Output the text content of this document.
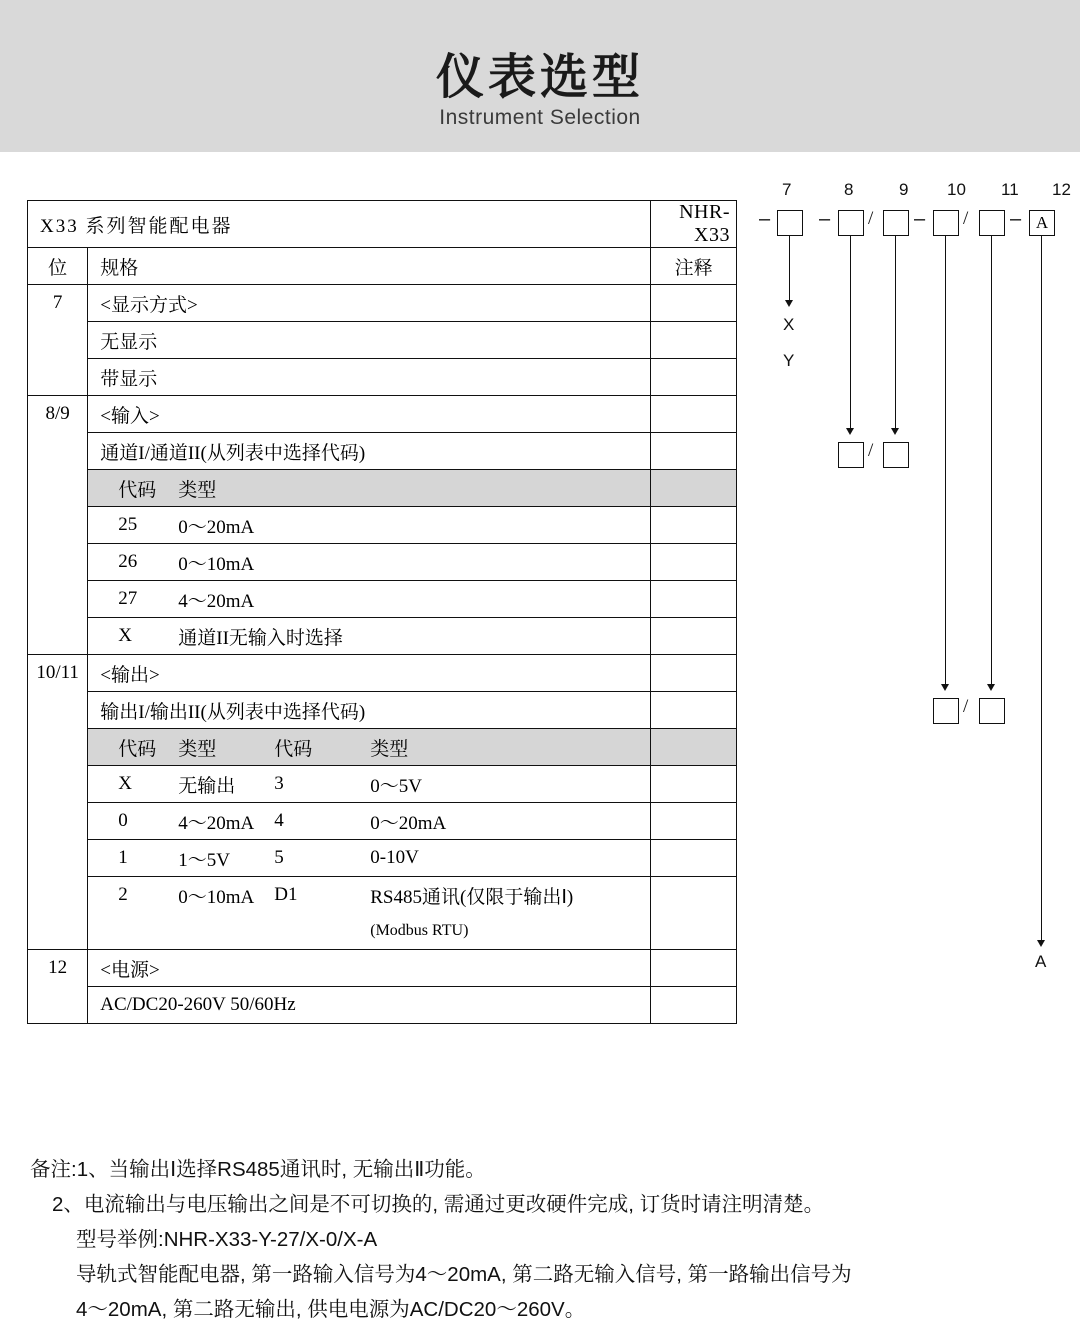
仪表选型
Instrument Selection
X33 系列智能配电器		NHR-X33
位	规格	注释
7	<显示方式>	
	无显示	
	带显示	
8/9	<输入>	
	通道I/通道II(从列表中选择代码)	

	代码 类型	

	25 0～20mA	

	26 0～10mA	

	27 4～20mA	

	X 通道II无输入时选择	

10/11	<输出>	
	输出I/输出II(从列表中选择代码)	

	代码 类型 代码 类型	

	X 无输出 3 0～5V	

	0 4～20mA 4 0～20mA	

	1 1～5V 5 0-10V	

	2 0～10mA D1 RS485通讯(仅限于输出Ⅰ)	

	(Modbus RTU)	

12	<电源>	
	AC/DC20-260V 50/60Hz	
7	8	9 10 11 12
– – / – / – A
X
Y
/
/
A
备注:1、当输出Ⅰ选择RS485通讯时, 无输出Ⅱ功能。
2、电流输出与电压输出之间是不可切换的, 需通过更改硬件完成, 订货时请注明清楚。
型号举例:NHR-X33-Y-27/X-0/X-A
导轨式智能配电器, 第一路输入信号为4～20mA, 第二路无输入信号, 第一路输出信号为
4～20mA, 第二路无输出, 供电电源为AC/DC20～260V。
